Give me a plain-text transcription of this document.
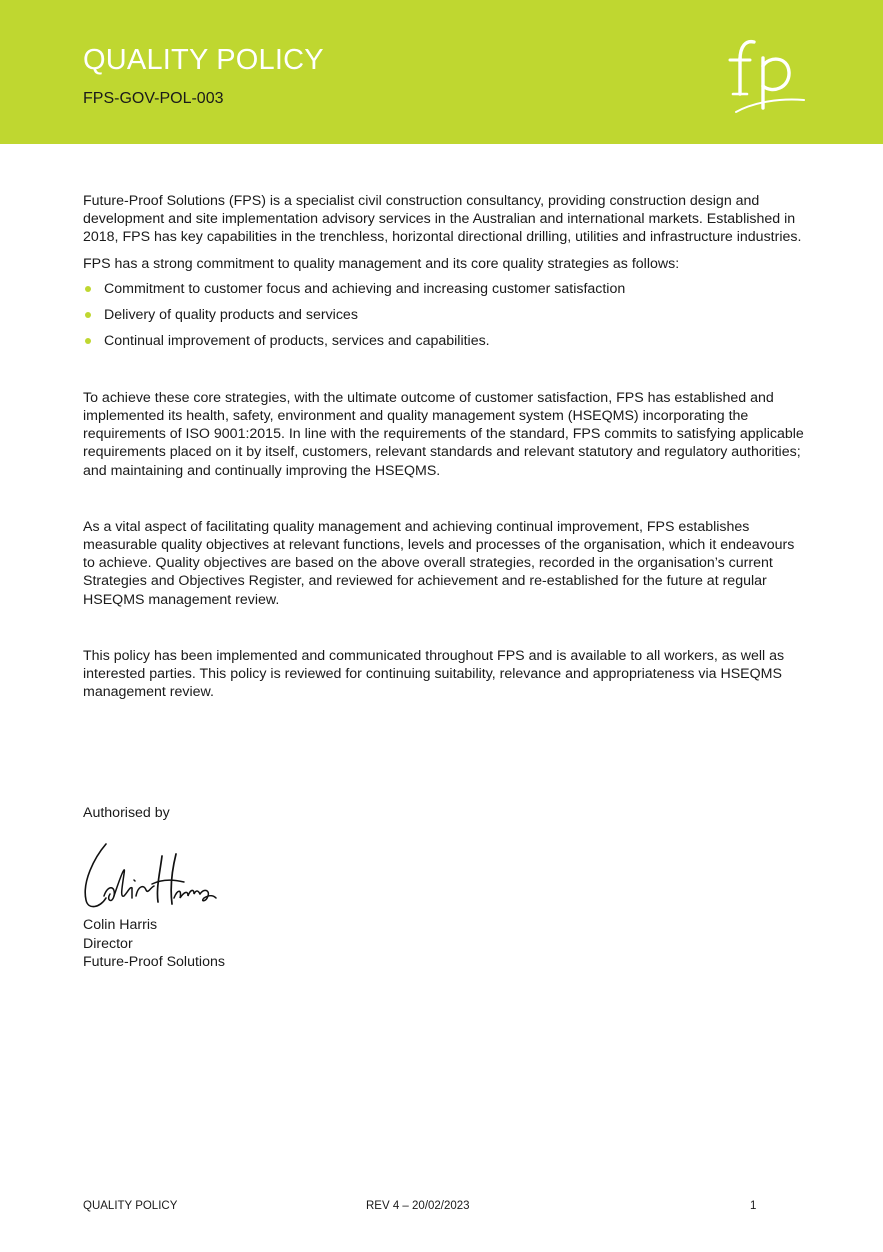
QUALITY POLICY
FPS-GOV-POL-003

Future-Proof Solutions (FPS) is a specialist civil construction consultancy, providing construction design and development and site implementation advisory services in the Australian and international markets. Established in 2018, FPS has key capabilities in the trenchless, horizontal directional drilling, utilities and infrastructure industries.

FPS has a strong commitment to quality management and its core quality strategies as follows:

Commitment to customer focus and achieving and increasing customer satisfaction
Delivery of quality products and services
Continual improvement of products, services and capabilities.

To achieve these core strategies, with the ultimate outcome of customer satisfaction, FPS has established and implemented its health, safety, environment and quality management system (HSEQMS) incorporating the requirements of ISO 9001:2015. In line with the requirements of the standard, FPS commits to satisfying applicable requirements placed on it by itself, customers, relevant standards and relevant statutory and regulatory authorities; and maintaining and continually improving the HSEQMS.

As a vital aspect of facilitating quality management and achieving continual improvement, FPS establishes measurable quality objectives at relevant functions, levels and processes of the organisation, which it endeavours to achieve. Quality objectives are based on the above overall strategies, recorded in the organisation’s current Strategies and Objectives Register, and reviewed for achievement and re-established for the future at regular HSEQMS management review.

This policy has been implemented and communicated throughout FPS and is available to all workers, as well as interested parties. This policy is reviewed for continuing suitability, relevance and appropriateness via HSEQMS management review.

Authorised by
Colin Harris
Director
Future-Proof Solutions
QUALITY POLICY	REV 4 – 20/02/2023	1
